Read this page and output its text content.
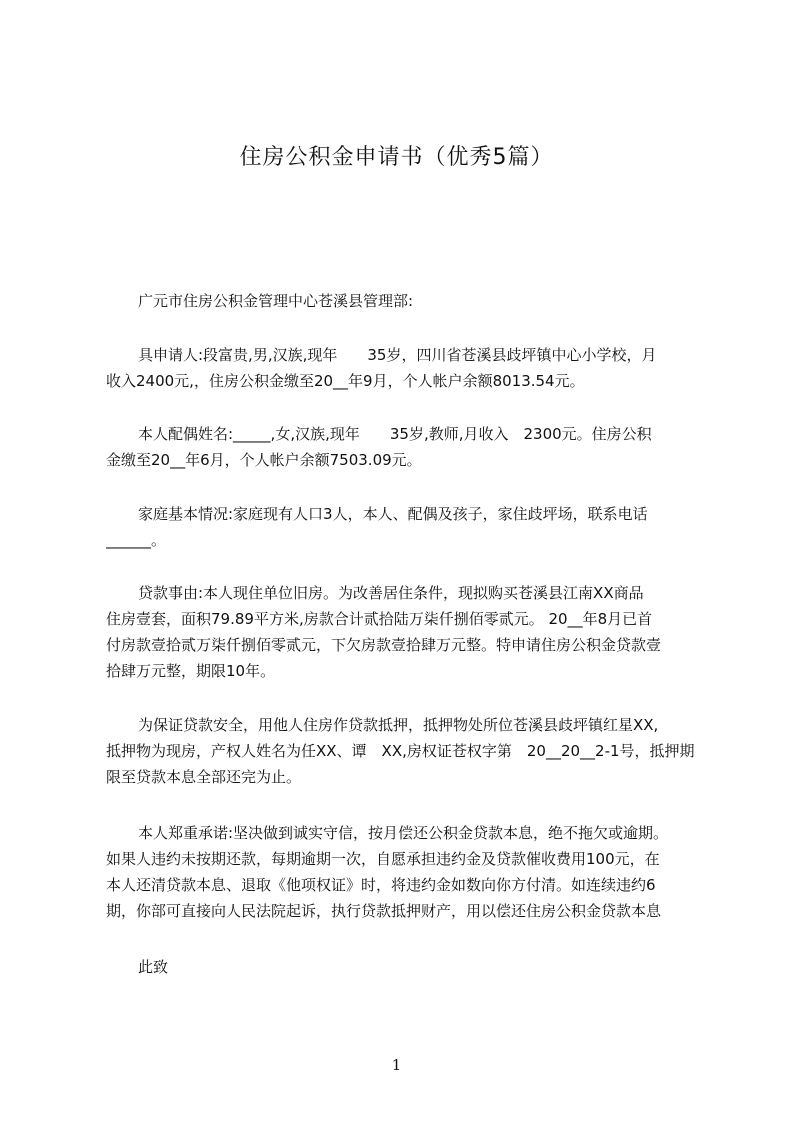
住房公积金申请书（优秀5篇）
广元市住房公积金管理中心苍溪县管理部:
具申请人:段富贵,男,汉族,现年　　35岁，四川省苍溪县歧坪镇中心小学校，月
收入2400元,，住房公积金缴至20__年9月，个人帐户余额8013.54元。
本人配偶姓名:_____,女,汉族,现年　　35岁,教师,月收入　2300元。住房公积
金缴至20__年6月，个人帐户余额7503.09元。
家庭基本情况:家庭现有人口3人，本人、配偶及孩子，家住歧坪场，联系电话
______。
贷款事由:本人现住单位旧房。为改善居住条件，现拟购买苍溪县江南XX商品
住房壹套，面积79.89平方米,房款合计贰拾陆万柒仟捌佰零贰元。 20__年8月已首
付房款壹拾贰万柒仟捌佰零贰元，下欠房款壹拾肆万元整。特申请住房公积金贷款壹
拾肆万元整，期限10年。
为保证贷款安全，用他人住房作贷款抵押，抵押物处所位苍溪县歧坪镇红星XX,
抵押物为现房，产权人姓名为任XX、谭　XX,房权证苍权字第　20__20__2-1号，抵押期
限至贷款本息全部还完为止。
本人郑重承诺:坚决做到诚实守信，按月偿还公积金贷款本息，绝不拖欠或逾期。
如果人违约未按期还款，每期逾期一次，自愿承担违约金及贷款催收费用100元，在
本人还清贷款本息、退取《他项权证》时，将违约金如数向你方付清。如连续违约6
期，你部可直接向人民法院起诉，执行贷款抵押财产，用以偿还住房公积金贷款本息
此致
1
